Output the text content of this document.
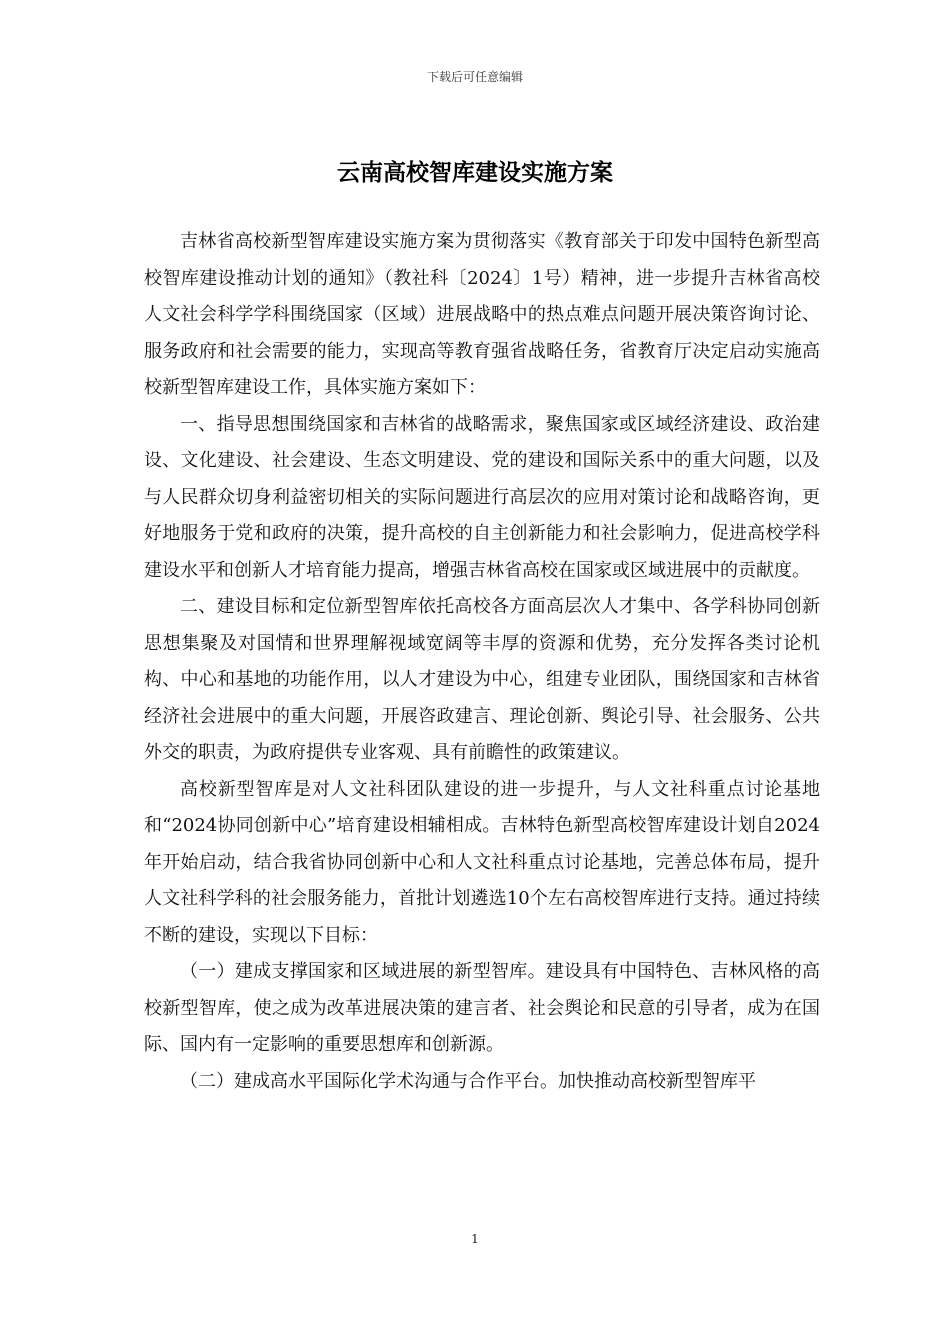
下载后可任意编辑
云南高校智库建设实施方案

吉林省高校新型智库建设实施方案为贯彻落实《教育部关于印发中国特色新型高校智库建设推动计划的通知》（教社科〔2024〕1号）精神，进一步提升吉林省高校人文社会科学学科围绕国家（区域）进展战略中的热点难点问题开展决策咨询讨论、服务政府和社会需要的能力，实现高等教育强省战略任务，省教育厅决定启动实施高校新型智库建设工作，具体实施方案如下：

一、指导思想围绕国家和吉林省的战略需求，聚焦国家或区域经济建设、政治建设、文化建设、社会建设、生态文明建设、党的建设和国际关系中的重大问题，以及与人民群众切身利益密切相关的实际问题进行高层次的应用对策讨论和战略咨询，更好地服务于党和政府的决策，提升高校的自主创新能力和社会影响力，促进高校学科建设水平和创新人才培育能力提高，增强吉林省高校在国家或区域进展中的贡献度。

二、建设目标和定位新型智库依托高校各方面高层次人才集中、各学科协同创新思想集聚及对国情和世界理解视域宽阔等丰厚的资源和优势，充分发挥各类讨论机构、中心和基地的功能作用，以人才建设为中心，组建专业团队，围绕国家和吉林省经济社会进展中的重大问题，开展咨政建言、理论创新、舆论引导、社会服务、公共外交的职责，为政府提供专业客观、具有前瞻性的政策建议。

高校新型智库是对人文社科团队建设的进一步提升，与人文社科重点讨论基地和“2024协同创新中心”培育建设相辅相成。吉林特色新型高校智库建设计划自2024年开始启动，结合我省协同创新中心和人文社科重点讨论基地，完善总体布局，提升人文社科学科的社会服务能力，首批计划遴选10个左右高校智库进行支持。通过持续不断的建设，实现以下目标：

（一）建成支撑国家和区域进展的新型智库。建设具有中国特色、吉林风格的高校新型智库，使之成为改革进展决策的建言者、社会舆论和民意的引导者，成为在国际、国内有一定影响的重要思想库和创新源。

（二）建成高水平国际化学术沟通与合作平台。加快推动高校新型智库平

1
